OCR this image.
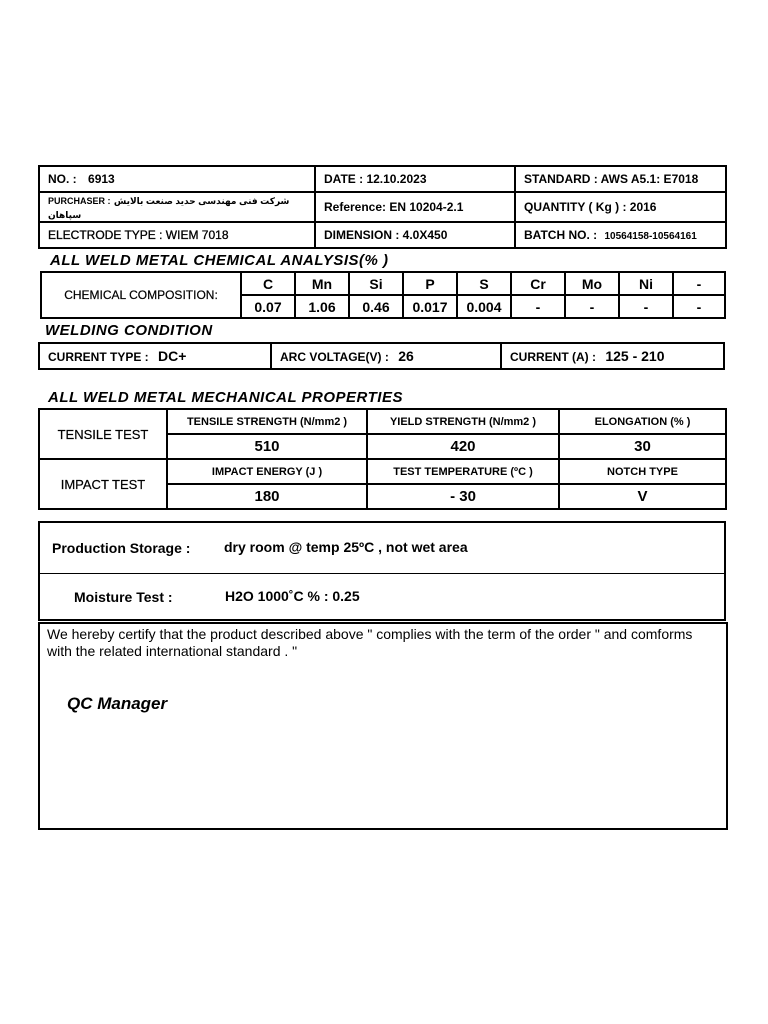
NO. : 6913	DATE : 12.10.2023	STANDARD : AWS A5.1: E7018
PURCHASER : شرکت فنی مهندسی حدید صنعت بالایش سپاهان	Reference: EN 10204-2.1	QUANTITY ( Kg ) : 2016
ELECTRODE TYPE : WIEM 7018	DIMENSION : 4.0X450	BATCH NO. : 10564158-10564161
ALL WELD METAL CHEMICAL ANALYSIS(% )
CHEMICAL COMPOSITION:	C	Mn	Si	P	S	Cr	Mo	Ni	-
	0.07	1.06	0.46	0.017	0.004	-	-	-	-
WELDING CONDITION
CURRENT TYPE : DC+	ARC VOLTAGE(V) : 26	CURRENT (A) : 125 - 210
ALL WELD METAL MECHANICAL PROPERTIES
TENSILE TEST	TENSILE STRENGTH (N/mm2 )	YIELD STRENGTH (N/mm2 )	ELONGATION (% )
	510	420	30
IMPACT TEST	IMPACT ENERGY (J )	TEST TEMPERATURE (ºC )	NOTCH TYPE
	180	- 30	V
Production Storage : dry room @ temp 25ºC , not wet area
Moisture Test :	H2O 1000˚C % : 0.25
We hereby certify that the product described above " complies with the term of the order " and comforms with the related international standard . "
QC Manager
